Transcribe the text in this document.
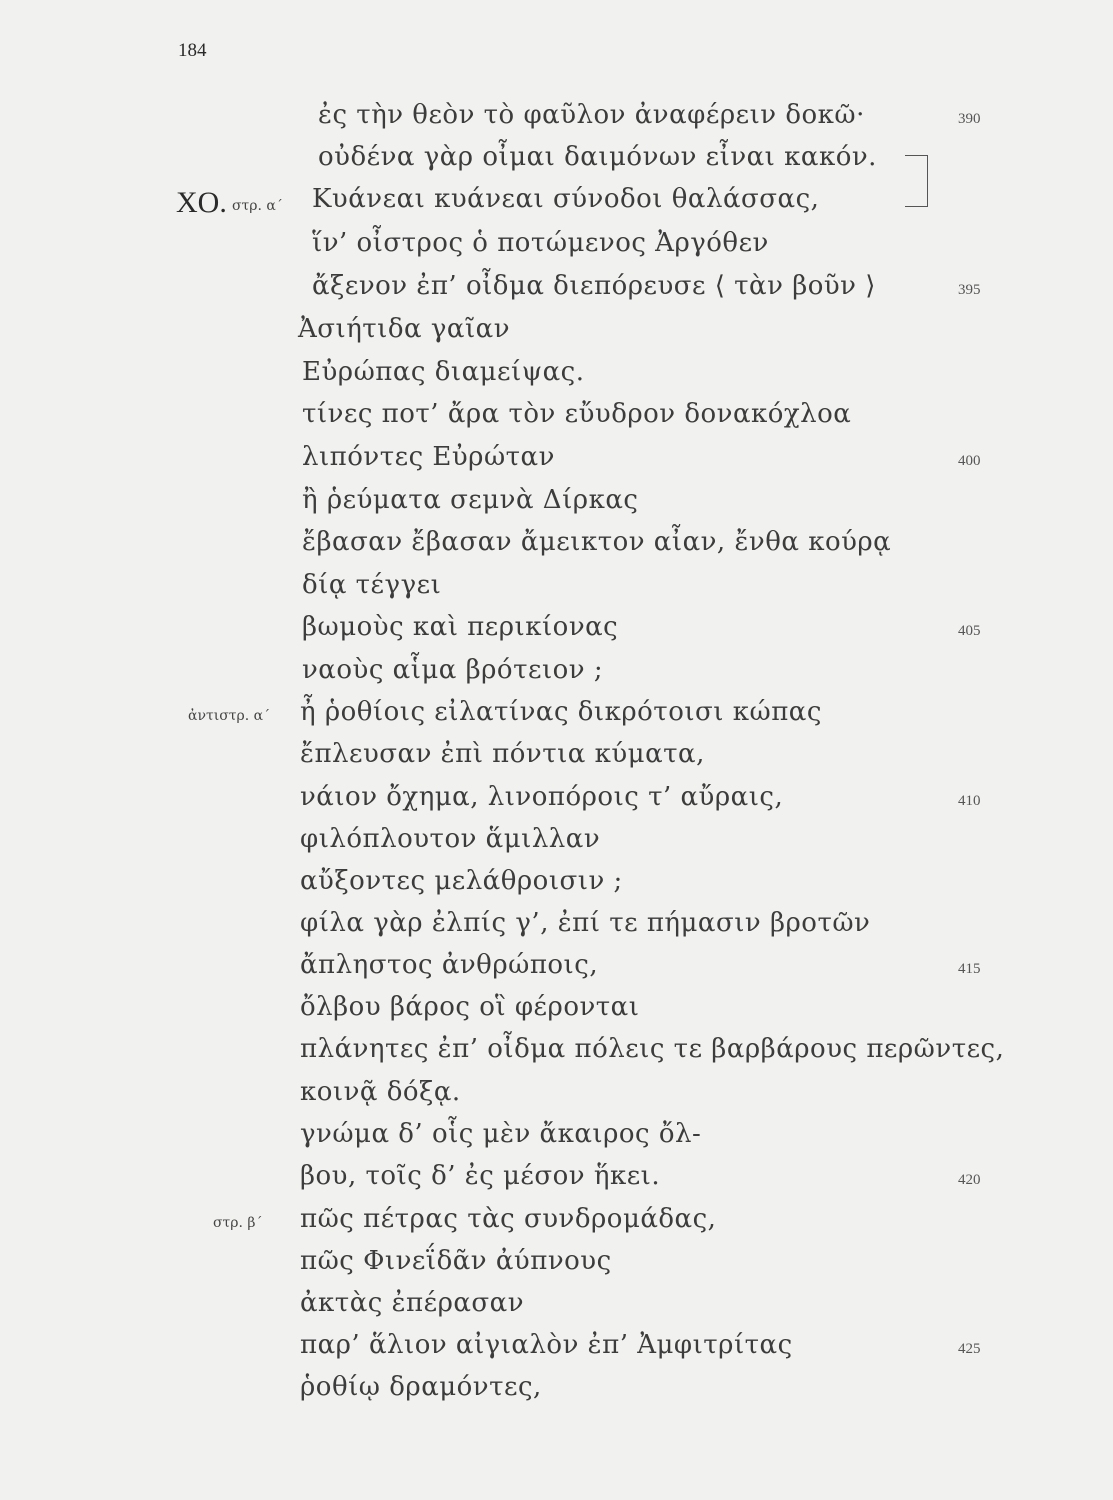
184
ἐς τὴν θεὸν τὸ φαῦλον ἀναφέρειν δοκῶ·	390
οὐδένα γὰρ οἶμαι δαιμόνων εἶναι κακόν.
ΧΟ. στρ. α´ Κυάνεαι κυάνεαι σύνοδοι θαλάσσας,
ἵν’ οἶστρος ὁ ποτώμενος Ἀργόθεν
ἄξενον ἐπ’ οἶδμα διεπόρευσε ⟨ τὰν βοῦν ⟩	395
Ἀσιήτιδα γαῖαν
Εὐρώπας διαμείψας.
τίνες ποτ’ ἄρα τὸν εὔυδρον δονακόχλοα
λιπόντες Εὐρώταν	400
ἢ ῥεύματα σεμνὰ Δίρκας
ἔβασαν ἔβασαν ἄμεικτον αἶαν, ἔνθα κούρᾳ
δίᾳ τέγγει
βωμοὺς καὶ περικίονας	405
ναοὺς αἷμα βρότειον ;
ἀντιστρ. α´ ἦ ῥοθίοις εἰλατίνας δικρότοισι κώπας
ἔπλευσαν ἐπὶ πόντια κύματα,
νάιον ὄχημα, λινοπόροις τ’ αὔραις,	410
φιλόπλουτον ἅμιλλαν
αὔξοντες μελάθροισιν ;
φίλα γὰρ ἐλπίς γ’, ἐπί τε πήμασιν βροτῶν
ἄπληστος ἀνθρώποις,	415
ὄλβου βάρος οἳ φέρονται
πλάνητες ἐπ’ οἶδμα πόλεις τε βαρβάρους περῶντες,
κοινᾷ δόξᾳ.
γνώμα δ’ οἷς μὲν ἄκαιρος ὄλ-
βου, τοῖς δ’ ἐς μέσον ἥκει.	420
στρ. β´ πῶς πέτρας τὰς συνδρομάδας,
πῶς Φινεΐδᾶν ἀύπνους
ἀκτὰς ἐπέρασαν
παρ’ ἅλιον αἰγιαλὸν ἐπ’ Ἀμφιτρίτας	425
ῥοθίῳ δραμόντες,
